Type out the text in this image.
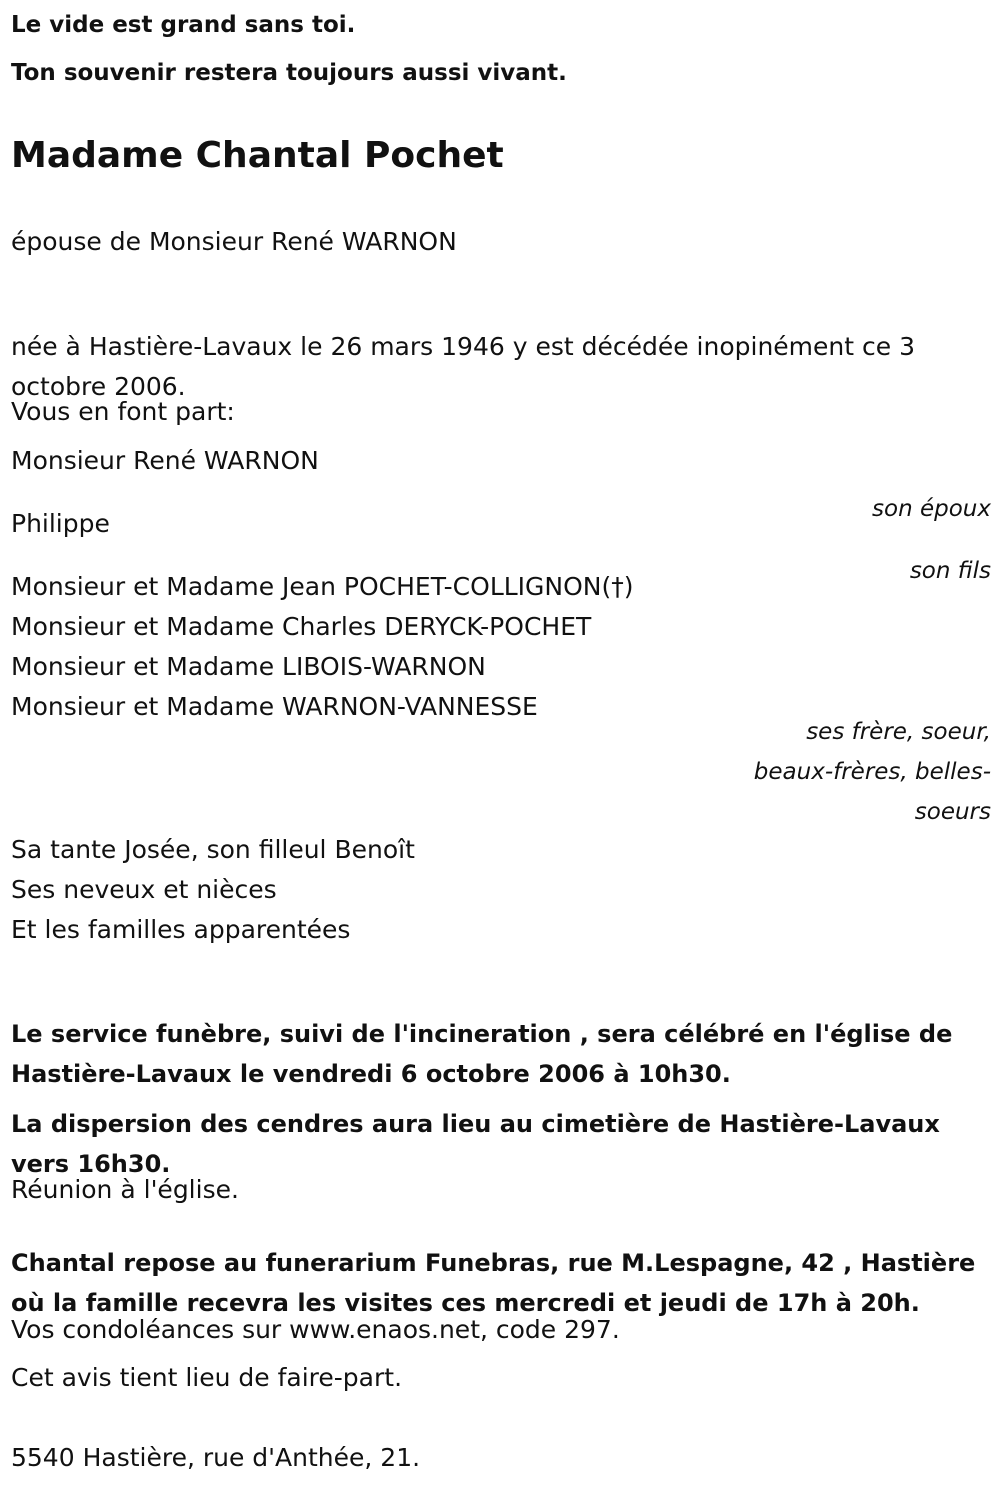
Le vide est grand sans toi.

Ton souvenir restera toujours aussi vivant.

Madame Chantal Pochet

épouse de Monsieur René WARNON

née à Hastière-Lavaux le 26 mars 1946 y est décédée inopinément ce 3 octobre 2006.

Vous en font part:

Monsieur René WARNON

son époux

Philippe

son fils

Monsieur et Madame Jean POCHET-COLLIGNON(†)

Monsieur et Madame Charles DERYCK-POCHET

Monsieur et Madame LIBOIS-WARNON

Monsieur et Madame WARNON-VANNESSE

ses frère, soeur,
beaux-frères, belles-
soeurs

Sa tante Josée, son filleul Benoît

Ses neveux et nièces

Et les familles apparentées

Le service funèbre, suivi de l'incineration , sera célébré en l'église de Hastière-Lavaux le vendredi 6 octobre 2006 à 10h30.

La dispersion des cendres aura lieu au cimetière de Hastière-Lavaux vers 16h30.

Réunion à l'église.

Chantal repose au funerarium Funebras, rue M.Lespagne, 42 , Hastière où la famille recevra les visites ces mercredi et jeudi de 17h à 20h.

Vos condoléances sur www.enaos.net, code 297.

Cet avis tient lieu de faire-part.

5540 Hastière, rue d'Anthée, 21.
